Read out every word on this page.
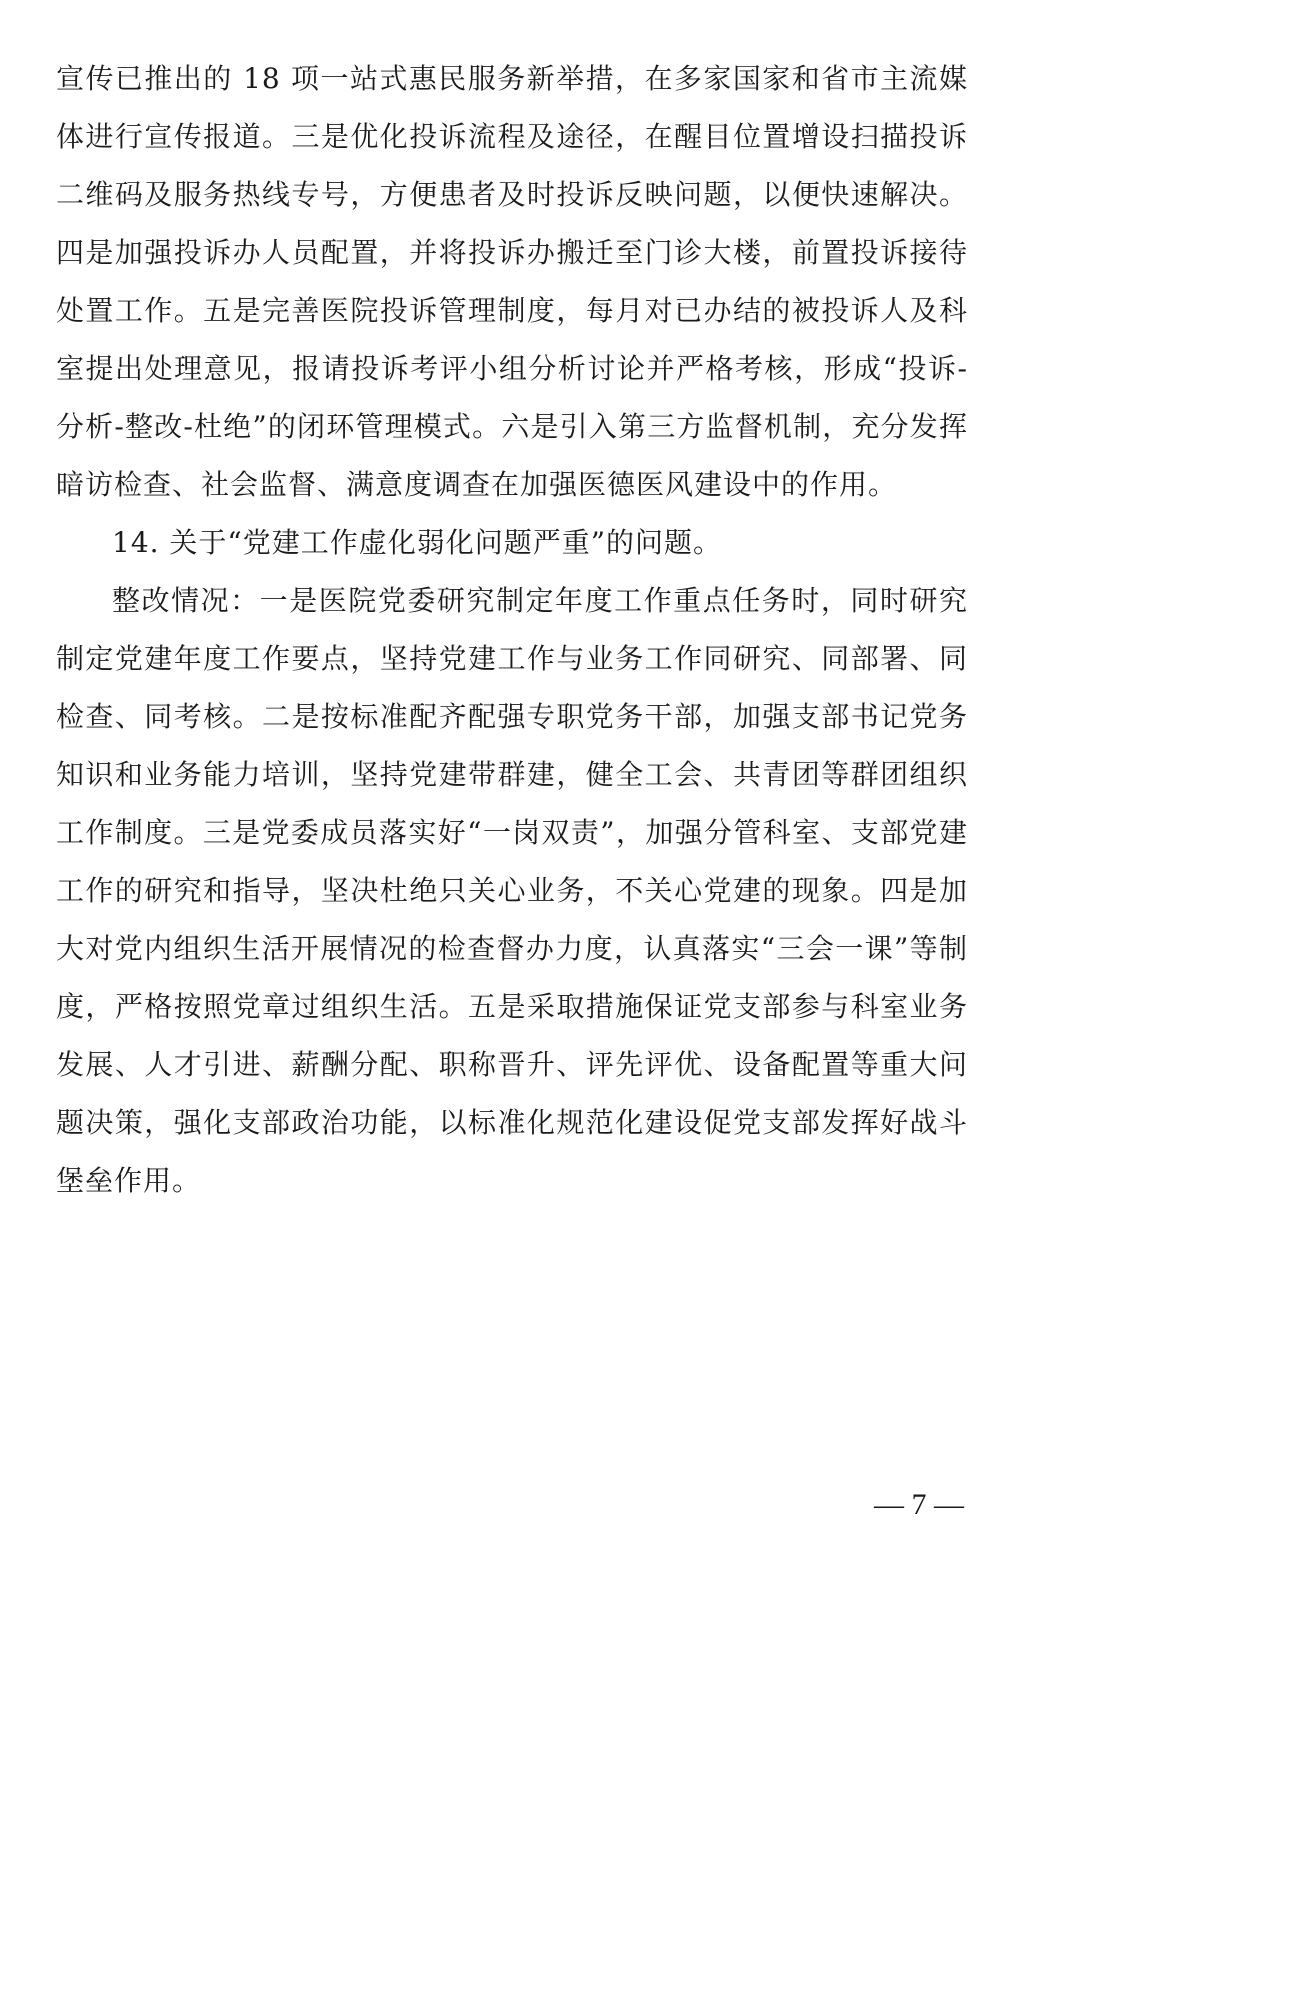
宣传已推出的 18 项一站式惠民服务新举措，在多家国家和省市主流媒体进行宣传报道。三是优化投诉流程及途径，在醒目位置增设扫描投诉二维码及服务热线专号，方便患者及时投诉反映问题，以便快速解决。四是加强投诉办人员配置，并将投诉办搬迁至门诊大楼，前置投诉接待处置工作。五是完善医院投诉管理制度，每月对已办结的被投诉人及科室提出处理意见，报请投诉考评小组分析讨论并严格考核，形成“投诉-分析-整改-杜绝”的闭环管理模式。六是引入第三方监督机制，充分发挥暗访检查、社会监督、满意度调查在加强医德医风建设中的作用。

14. 关于“党建工作虚化弱化问题严重”的问题。

整改情况：一是医院党委研究制定年度工作重点任务时，同时研究制定党建年度工作要点，坚持党建工作与业务工作同研究、同部署、同检查、同考核。二是按标准配齐配强专职党务干部，加强支部书记党务知识和业务能力培训，坚持党建带群建，健全工会、共青团等群团组织工作制度。三是党委成员落实好“一岗双责”，加强分管科室、支部党建工作的研究和指导，坚决杜绝只关心业务，不关心党建的现象。四是加大对党内组织生活开展情况的检查督办力度，认真落实“三会一课”等制度，严格按照党章过组织生活。五是采取措施保证党支部参与科室业务发展、人才引进、薪酬分配、职称晋升、评先评优、设备配置等重大问题决策，强化支部政治功能，以标准化规范化建设促党支部发挥好战斗堡垒作用。

— 7 —
